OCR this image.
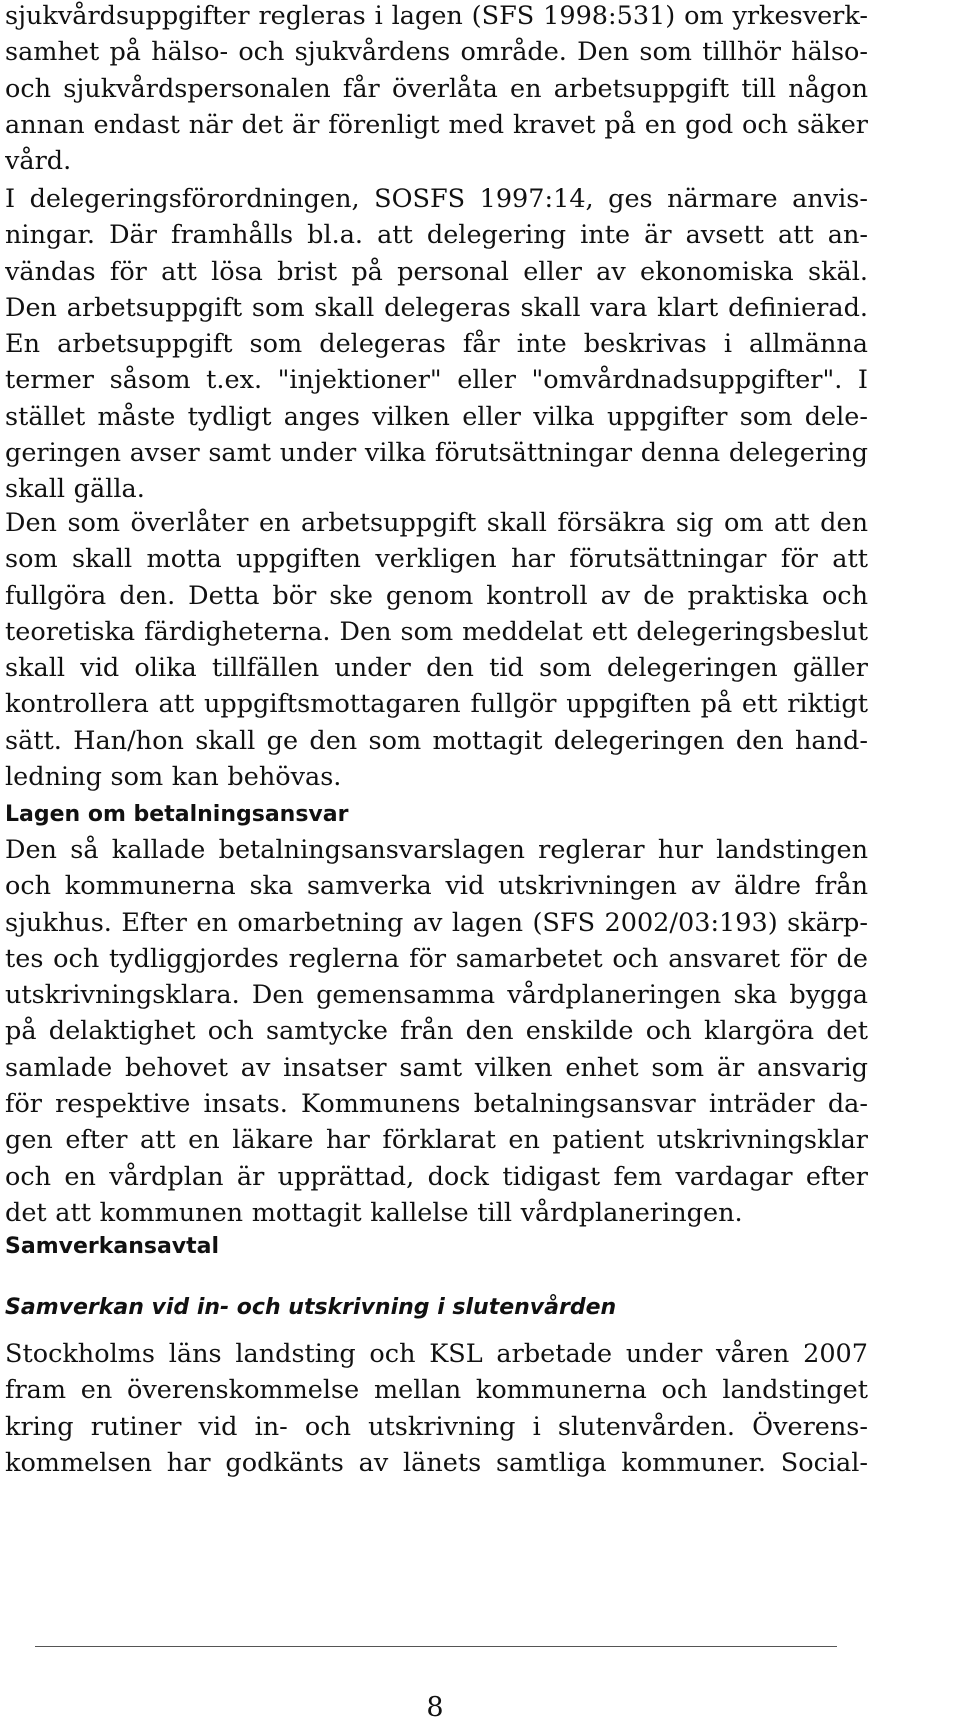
sjukvårdsuppgifter regleras i lagen (SFS 1998:531) om yrkesverk-
samhet på hälso- och sjukvårdens område. Den som tillhör hälso-
och sjukvårdspersonalen får överlåta en arbetsuppgift till någon
annan endast när det är förenligt med kravet på en god och säker
vård.
I delegeringsförordningen, SOSFS 1997:14, ges närmare anvis-
ningar. Där framhålls bl.a. att delegering inte är avsett att an-
vändas för att lösa brist på personal eller av ekonomiska skäl.
Den arbetsuppgift som skall delegeras skall vara klart definierad.
En arbetsuppgift som delegeras får inte beskrivas i allmänna
termer såsom t.ex. "injektioner" eller "omvårdnadsuppgifter". I
stället måste tydligt anges vilken eller vilka uppgifter som dele-
geringen avser samt under vilka förutsättningar denna delegering
skall gälla.
Den som överlåter en arbetsuppgift skall försäkra sig om att den
som skall motta uppgiften verkligen har förutsättningar för att
fullgöra den. Detta bör ske genom kontroll av de praktiska och
teoretiska färdigheterna. Den som meddelat ett delegeringsbeslut
skall vid olika tillfällen under den tid som delegeringen gäller
kontrollera att uppgiftsmottagaren fullgör uppgiften på ett riktigt
sätt. Han/hon skall ge den som mottagit delegeringen den hand-
ledning som kan behövas.
Lagen om betalningsansvar
Den så kallade betalningsansvarslagen reglerar hur landstingen
och kommunerna ska samverka vid utskrivningen av äldre från
sjukhus. Efter en omarbetning av lagen (SFS 2002/03:193) skärp-
tes och tydliggjordes reglerna för samarbetet och ansvaret för de
utskrivningsklara. Den gemensamma vårdplaneringen ska bygga
på delaktighet och samtycke från den enskilde och klargöra det
samlade behovet av insatser samt vilken enhet som är ansvarig
för respektive insats. Kommunens betalningsansvar inträder da-
gen efter att en läkare har förklarat en patient utskrivningsklar
och en vårdplan är upprättad, dock tidigast fem vardagar efter
det att kommunen mottagit kallelse till vårdplaneringen.
Samverkansavtal
Samverkan vid in- och utskrivning i slutenvården
Stockholms läns landsting och KSL arbetade under våren 2007
fram en överenskommelse mellan kommunerna och landstinget
kring rutiner vid in- och utskrivning i slutenvården. Överens-
kommelsen har godkänts av länets samtliga kommuner. Social-
8
